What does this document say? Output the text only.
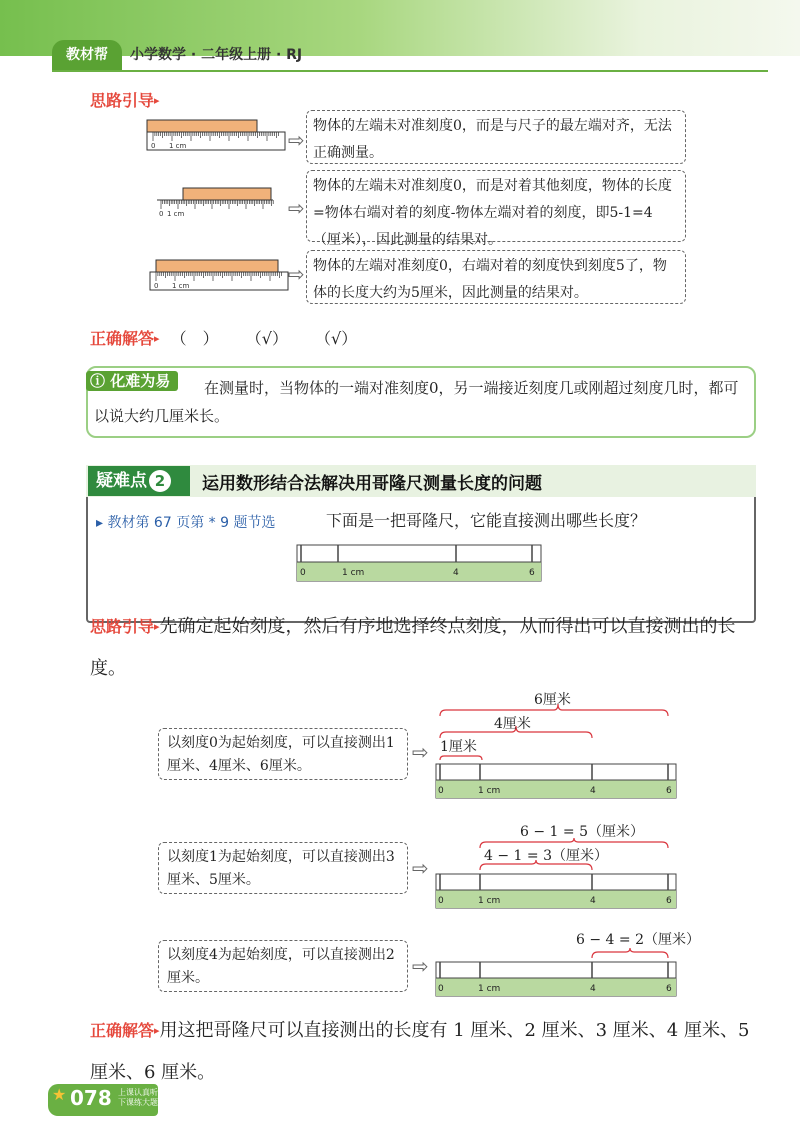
教材帮	小学数学 · 二年级上册 · RJ
思路引导▸
0 1 cm
0 1 cm
0 1 cm
⇨
⇨
⇨
物体的左端未对准刻度0，而是与尺子的最左端对齐，无法正确测量。
物体的左端未对准刻度0，而是对着其他刻度，物体的长度=物体右端对着的刻度-物体左端对着的刻度，即5-1=4（厘米），因此测量的结果对。
物体的左端对准刻度0，右端对着的刻度快到刻度5了，物体的长度大约为5厘米，因此测量的结果对。
正确解答▸ （　） （√） （√）
ⓘ 化难为易	在测量时，当物体的一端对准刻度0，另一端接近刻度几或刚超过刻度几时，都可以说大约几厘米长。
疑难点 2	运用数形结合法解决用哥隆尺测量长度的问题
▸ 教材第 67 页第 * 9 题节选	下面是一把哥隆尺，它能直接测出哪些长度？
0	1 cm	4	6
思路引导▸先确定起始刻度，然后有序地选择终点刻度，从而得出可以直接测出的长度。
以刻度0为起始刻度，可以直接测出1厘米、4厘米、6厘米。
以刻度1为起始刻度，可以直接测出3厘米、5厘米。
以刻度4为起始刻度，可以直接测出2厘米。
⇨
⇨
⇨
6厘米
4厘米
1厘米
0	1 cm	4	6
6 − 1 = 5（厘米）
4 − 1 = 3（厘米）
0	1 cm	4	6
6 − 4 = 2（厘米）
0	1 cm	4	6
正确解答▸用这把哥隆尺可以直接测出的长度有 1 厘米、2 厘米、3 厘米、4 厘米、5 厘米、6 厘米。
★ 078 上课认真听
下课练大题
